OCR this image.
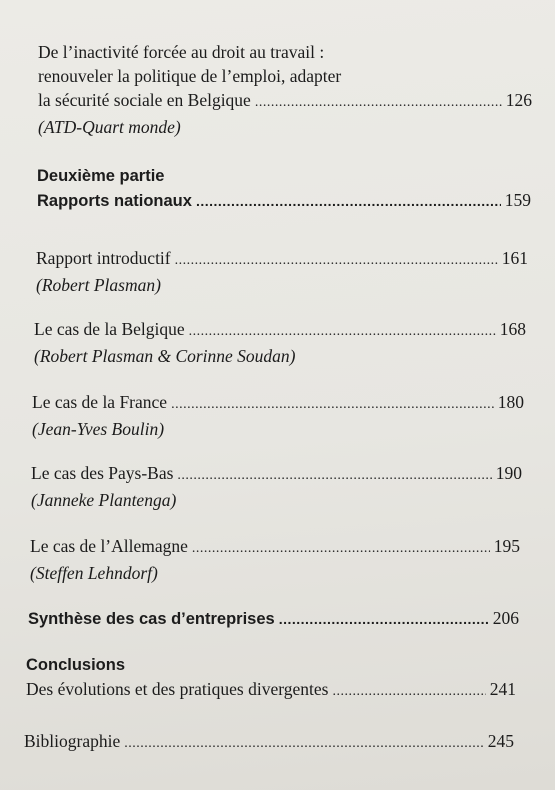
De l’inactivité forcée au droit au travail :
renouveler la politique de l’emploi, adapter
la sécurité sociale en Belgique .....	126
(ATD-Quart monde)
Deuxième partie
Rapports nationaux .....	159
Rapport introductif .....	161
(Robert Plasman)
Le cas de la Belgique .....	168
(Robert Plasman & Corinne Soudan)
Le cas de la France .....	180
(Jean-Yves Boulin)
Le cas des Pays-Bas .....	190
(Janneke Plantenga)
Le cas de l’Allemagne .....	195
(Steffen Lehndorf)
Synthèse des cas d’entreprises .....	206
Conclusions
Des évolutions et des pratiques divergentes .....	241
Bibliographie .....	245
